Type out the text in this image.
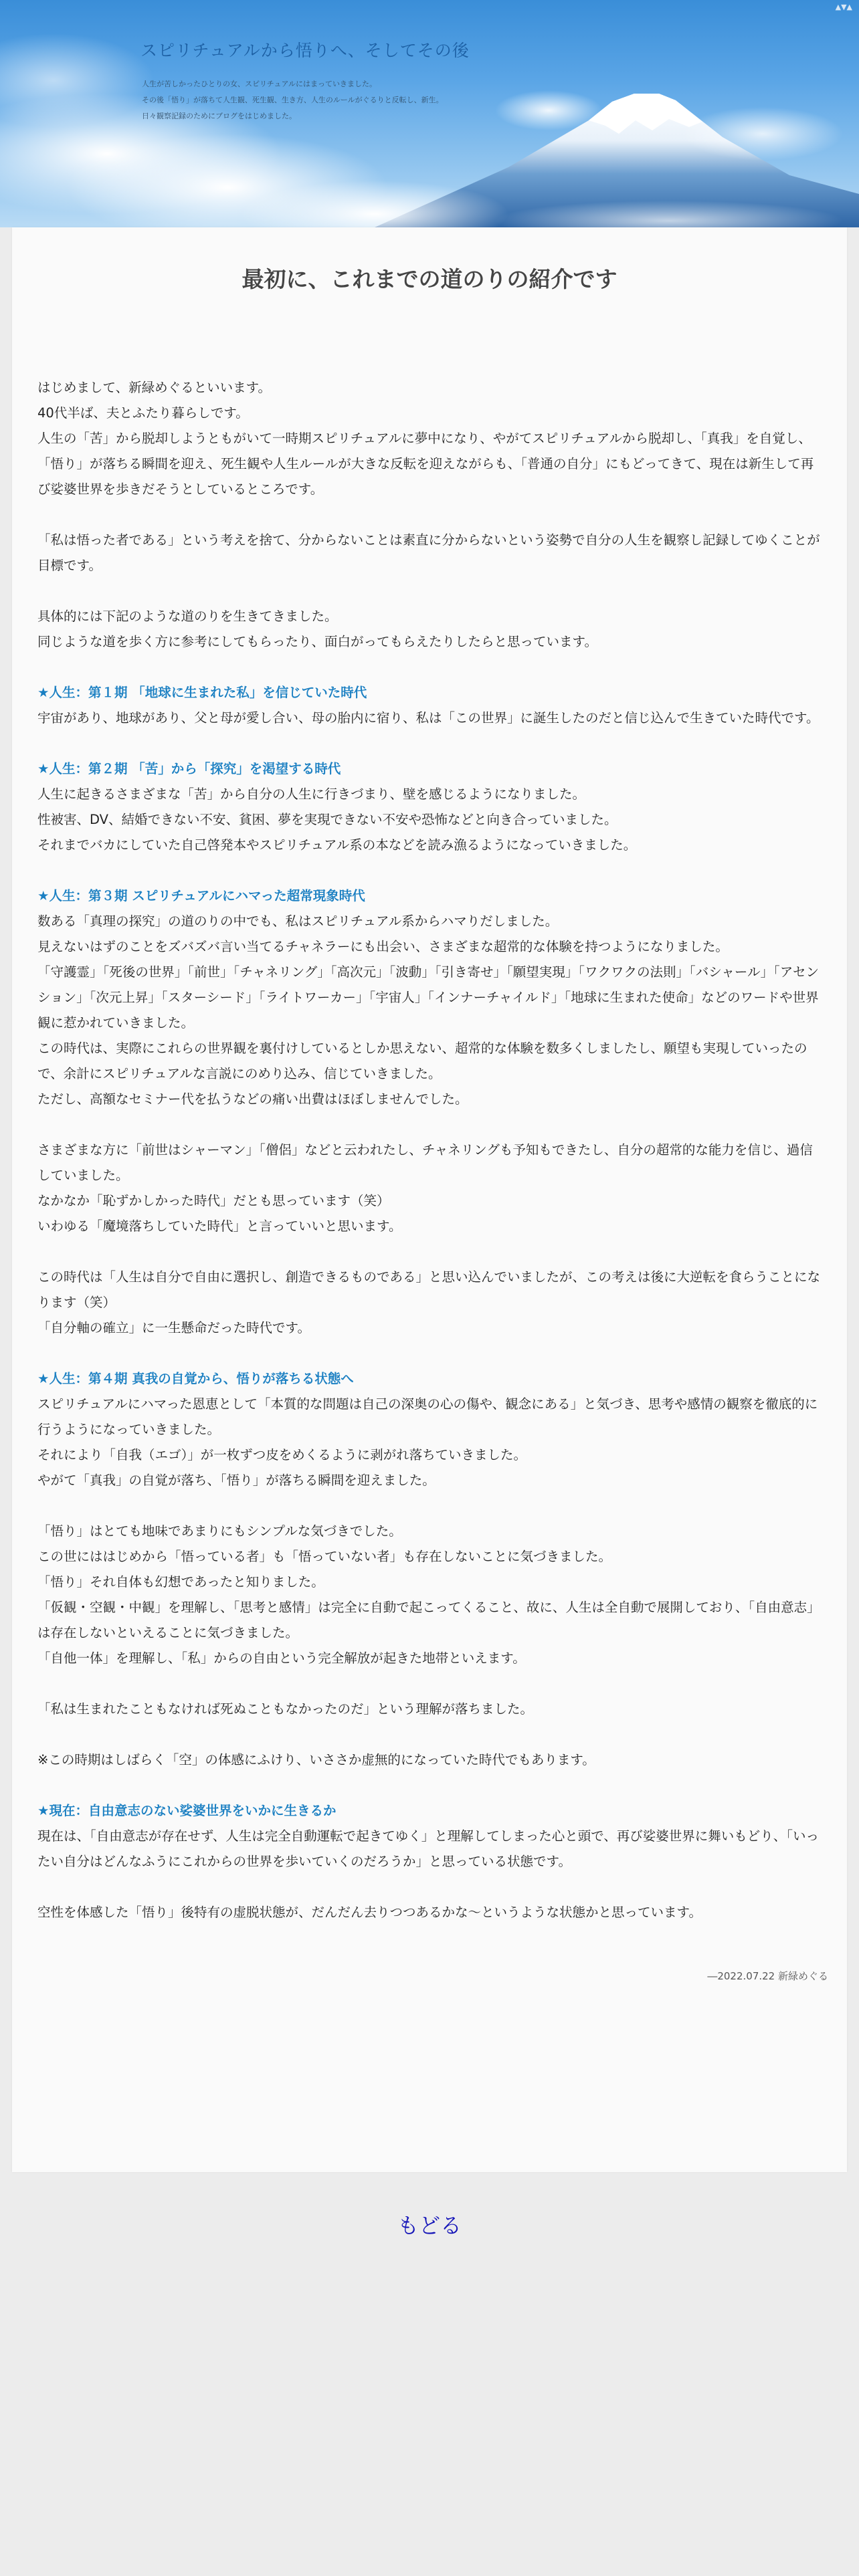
▲▼▲
スピリチュアルから悟りへ、そしてその後
人生が苦しかったひとりの女、スピリチュアルにはまっていきました。
その後「悟り」が落ちて人生観、死生観、生き方、人生のルールがぐるりと反転し、新生。
日々観察記録のためにブログをはじめました。
最初に、これまでの道のりの紹介です

はじめまして、新緑めぐるといいます。

40代半ば、夫とふたり暮らしです。

人生の「苦」から脱却しようともがいて一時期スピリチュアルに夢中になり、やがてスピリチュアルから脱却し、「真我」を自覚し、「悟り」が落ちる瞬間を迎え、死生観や人生ルールが大きな反転を迎えながらも、「普通の自分」にもどってきて、現在は新生して再び娑婆世界を歩きだそうとしているところです。

「私は悟った者である」という考えを捨て、分からないことは素直に分からないという姿勢で自分の人生を観察し記録してゆくことが目標です。

具体的には下記のような道のりを生きてきました。

同じような道を歩く方に参考にしてもらったり、面白がってもらえたりしたらと思っています。

★人生：第１期 「地球に生まれた私」を信じていた時代

宇宙があり、地球があり、父と母が愛し合い、母の胎内に宿り、私は「この世界」に誕生したのだと信じ込んで生きていた時代です。

★人生：第２期 「苦」から「探究」を渇望する時代

人生に起きるさまざまな「苦」から自分の人生に行きづまり、壁を感じるようになりました。

性被害、DV、結婚できない不安、貧困、夢を実現できない不安や恐怖などと向き合っていました。

それまでバカにしていた自己啓発本やスピリチュアル系の本などを読み漁るようになっていきました。

★人生：第３期 スピリチュアルにハマった超常現象時代

数ある「真理の探究」の道のりの中でも、私はスピリチュアル系からハマりだしました。

見えないはずのことをズバズバ言い当てるチャネラーにも出会い、さまざまな超常的な体験を持つようになりました。

「守護霊」「死後の世界」「前世」「チャネリング」「高次元」「波動」「引き寄せ」「願望実現」「ワクワクの法則」「バシャール」「アセンション」「次元上昇」「スターシード」「ライトワーカー」「宇宙人」「インナーチャイルド」「地球に生まれた使命」などのワードや世界観に惹かれていきました。

この時代は、実際にこれらの世界観を裏付けしているとしか思えない、超常的な体験を数多くしましたし、願望も実現していったので、余計にスピリチュアルな言説にのめり込み、信じていきました。

ただし、高額なセミナー代を払うなどの痛い出費はほぼしませんでした。

さまざまな方に「前世はシャーマン」「僧侶」などと云われたし、チャネリングも予知もできたし、自分の超常的な能力を信じ、過信していました。

なかなか「恥ずかしかった時代」だとも思っています（笑）

いわゆる「魔境落ちしていた時代」と言っていいと思います。

この時代は「人生は自分で自由に選択し、創造できるものである」と思い込んでいましたが、この考えは後に大逆転を食らうことになります（笑）

「自分軸の確立」に一生懸命だった時代です。

★人生：第４期 真我の自覚から、悟りが落ちる状態へ

スピリチュアルにハマった恩恵として「本質的な問題は自己の深奥の心の傷や、観念にある」と気づき、思考や感情の観察を徹底的に行うようになっていきました。

それにより「自我（エゴ）」が一枚ずつ皮をめくるように剥がれ落ちていきました。

やがて「真我」の自覚が落ち、「悟り」が落ちる瞬間を迎えました。

「悟り」はとても地味であまりにもシンプルな気づきでした。

この世にははじめから「悟っている者」も「悟っていない者」も存在しないことに気づきました。

「悟り」それ自体も幻想であったと知りました。

「仮観・空観・中観」を理解し、「思考と感情」は完全に自動で起こってくること、故に、人生は全自動で展開しており、「自由意志」は存在しないといえることに気づきました。

「自他一体」を理解し、「私」からの自由という完全解放が起きた地帯といえます。

「私は生まれたこともなければ死ぬこともなかったのだ」という理解が落ちました。

※この時期はしばらく「空」の体感にふけり、いささか虚無的になっていた時代でもあります。

★現在：自由意志のない娑婆世界をいかに生きるか

現在は、「自由意志が存在せず、人生は完全自動運転で起きてゆく」と理解してしまった心と頭で、再び娑婆世界に舞いもどり、「いったい自分はどんなふうにこれからの世界を歩いていくのだろうか」と思っている状態です。

空性を体感した「悟り」後特有の虚脱状態が、だんだん去りつつあるかな〜というような状態かと思っています。

―2022.07.22 新緑めぐる
もどる
